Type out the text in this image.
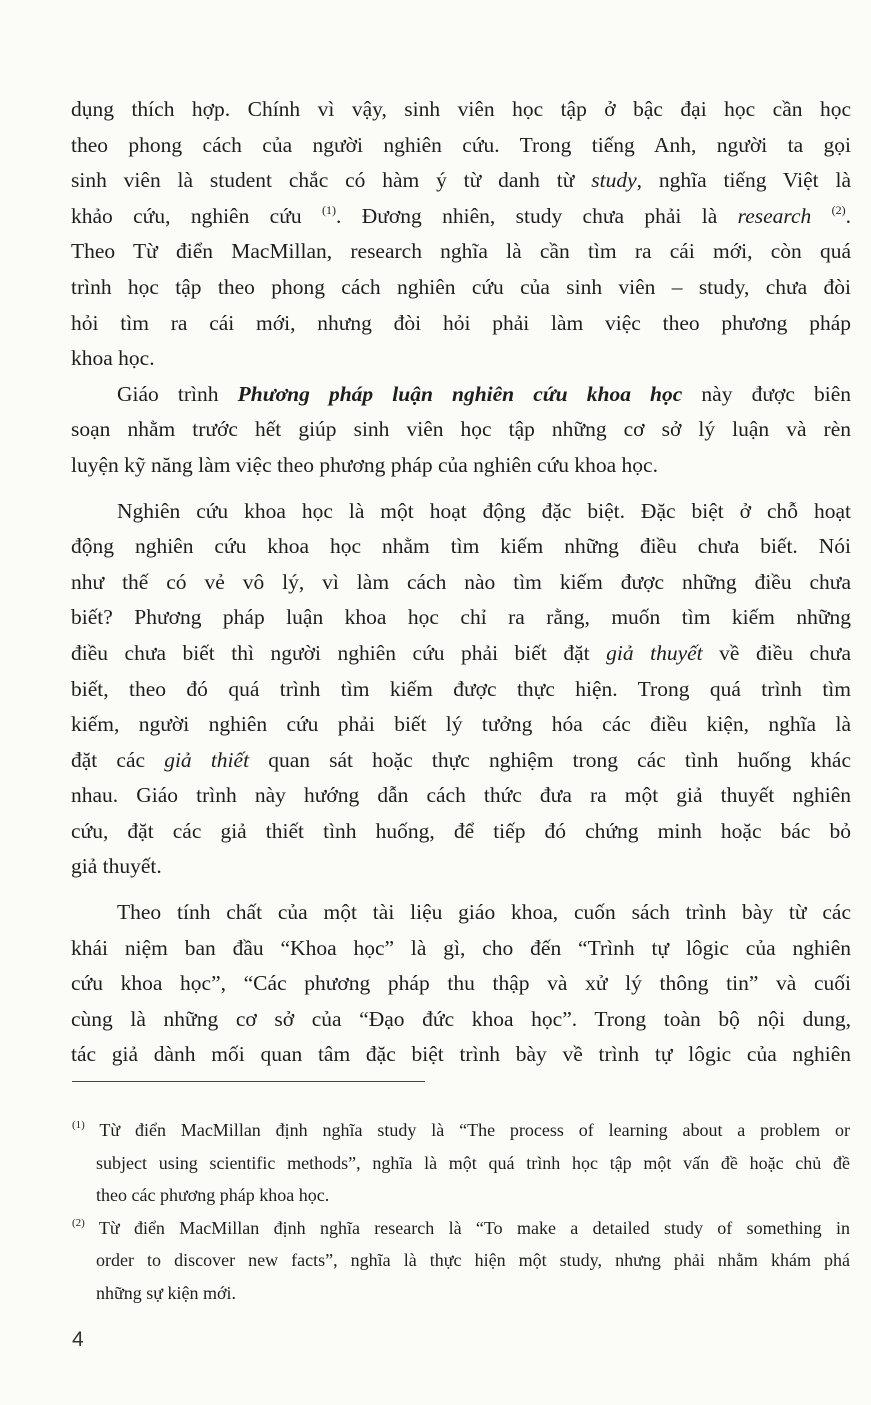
dụng thích hợp. Chính vì vậy, sinh viên học tập ở bậc đại học cần học
theo phong cách của người nghiên cứu. Trong tiếng Anh, người ta gọi
sinh viên là student chắc có hàm ý từ danh từ study, nghĩa tiếng Việt là
khảo cứu, nghiên cứu $^{(1)}$. Đương nhiên, study chưa phải là research $^{(2)}$.
Theo Từ điển MacMillan, research nghĩa là cần tìm ra cái mới, còn quá
trình học tập theo phong cách nghiên cứu của sinh viên – study, chưa đòi
hỏi tìm ra cái mới, nhưng đòi hỏi phải làm việc theo phương pháp
khoa học.

Giáo trình Phương pháp luận nghiên cứu khoa học này được biên
soạn nhằm trước hết giúp sinh viên học tập những cơ sở lý luận và rèn
luyện kỹ năng làm việc theo phương pháp của nghiên cứu khoa học.

Nghiên cứu khoa học là một hoạt động đặc biệt. Đặc biệt ở chỗ hoạt
động nghiên cứu khoa học nhằm tìm kiếm những điều chưa biết. Nói
như thế có vẻ vô lý, vì làm cách nào tìm kiếm được những điều chưa
biết? Phương pháp luận khoa học chỉ ra rằng, muốn tìm kiếm những
điều chưa biết thì người nghiên cứu phải biết đặt giả thuyết về điều chưa
biết, theo đó quá trình tìm kiếm được thực hiện. Trong quá trình tìm
kiếm, người nghiên cứu phải biết lý tưởng hóa các điều kiện, nghĩa là
đặt các giả thiết quan sát hoặc thực nghiệm trong các tình huống khác
nhau. Giáo trình này hướng dẫn cách thức đưa ra một giả thuyết nghiên
cứu, đặt các giả thiết tình huống, để tiếp đó chứng minh hoặc bác bỏ
giả thuyết.

Theo tính chất của một tài liệu giáo khoa, cuốn sách trình bày từ các
khái niệm ban đầu “Khoa học” là gì, cho đến “Trình tự lôgic của nghiên
cứu khoa học”, “Các phương pháp thu thập và xử lý thông tin” và cuối
cùng là những cơ sở của “Đạo đức khoa học”. Trong toàn bộ nội dung,
tác giả dành mối quan tâm đặc biệt trình bày về trình tự lôgic của nghiên

$^{(1)}$ Từ điển MacMillan định nghĩa study là “The process of learning about a problem or
subject using scientific methods”, nghĩa là một quá trình học tập một vấn đề hoặc chủ đề
theo các phương pháp khoa học.
$^{(2)}$ Từ điển MacMillan định nghĩa research là “To make a detailed study of something in
order to discover new facts”, nghĩa là thực hiện một study, nhưng phải nhằm khám phá
những sự kiện mới.
4
